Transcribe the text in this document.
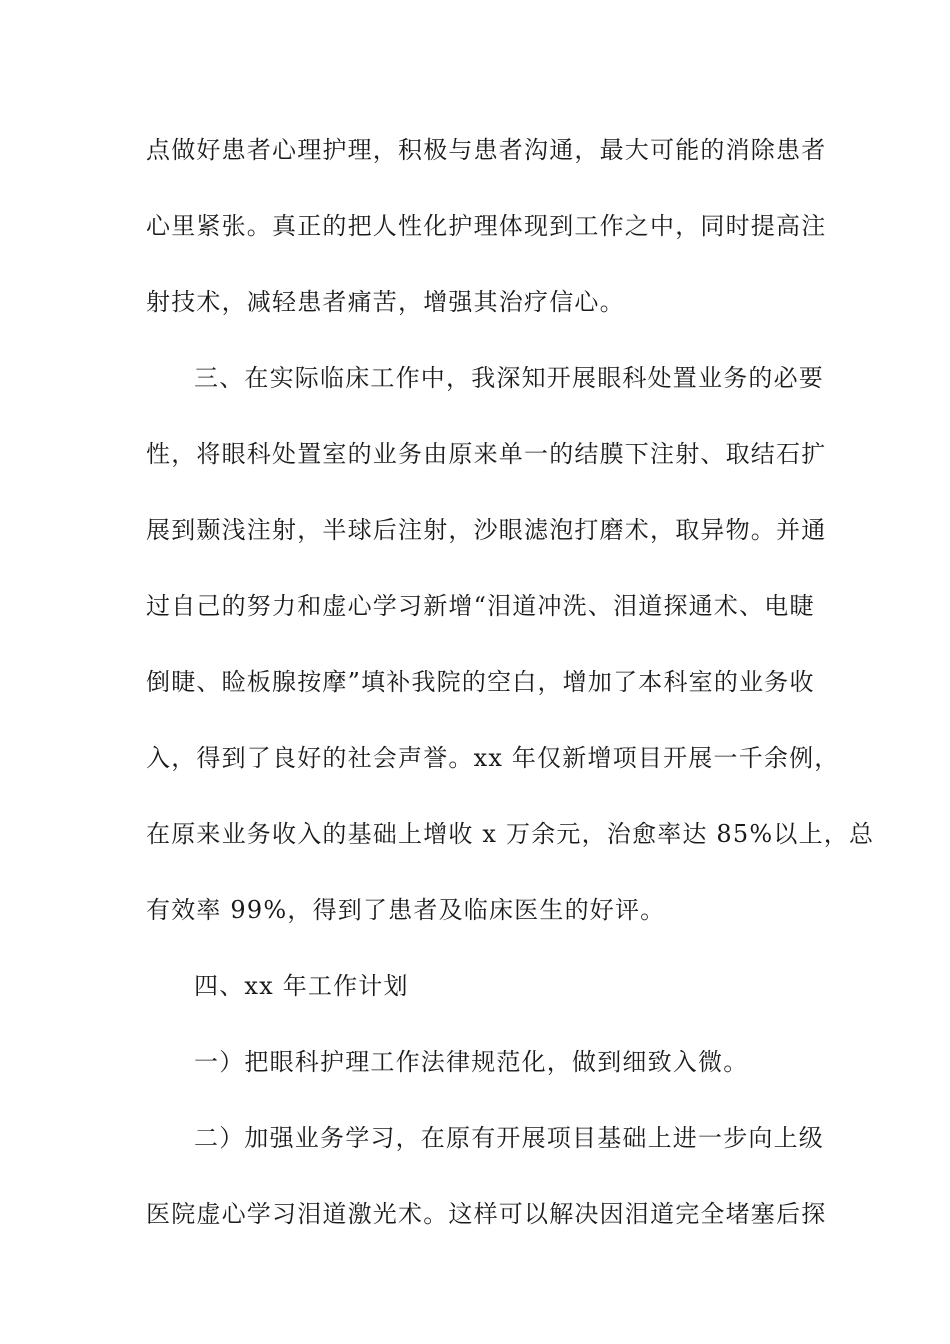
点做好患者心理护理，积极与患者沟通，最大可能的消除患者
心里紧张。真正的把人性化护理体现到工作之中，同时提高注
射技术，减轻患者痛苦，增强其治疗信心。
三、在实际临床工作中，我深知开展眼科处置业务的必要
性，将眼科处置室的业务由原来单一的结膜下注射、取结石扩
展到颞浅注射，半球后注射，沙眼滤泡打磨术，取异物。并通
过自己的努力和虚心学习新增“泪道冲洗、泪道探通术、电睫
倒睫、睑板腺按摩”填补我院的空白，增加了本科室的业务收
入，得到了良好的社会声誉。xx 年仅新增项目开展一千余例，
在原来业务收入的基础上增收 x 万余元，治愈率达 85%以上，总
有效率 99%，得到了患者及临床医生的好评。
四、xx 年工作计划
一）把眼科护理工作法律规范化，做到细致入微。
二）加强业务学习，在原有开展项目基础上进一步向上级
医院虚心学习泪道激光术。这样可以解决因泪道完全堵塞后探
